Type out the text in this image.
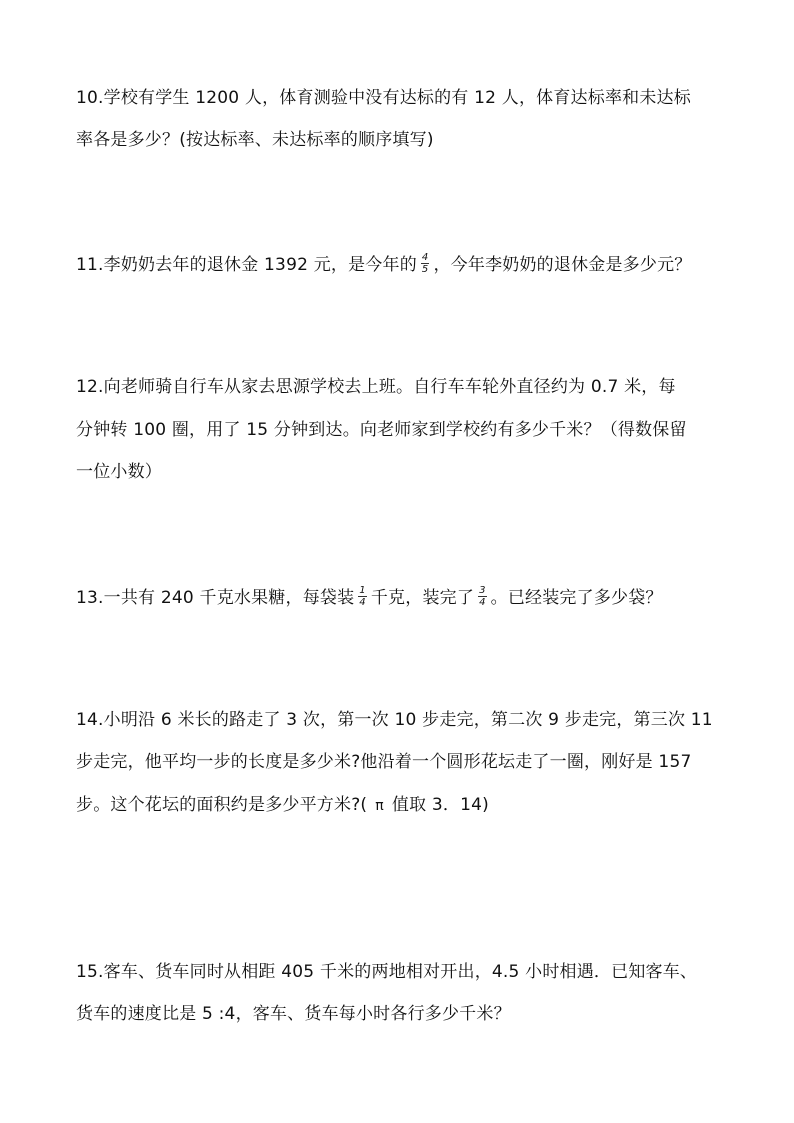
10.学校有学生 1200 人，体育测验中没有达标的有 12 人，体育达标率和未达标
率各是多少？(按达标率、未达标率的顺序填写)
11.李奶奶去年的退休金 1392 元，是今年的 $\frac{4}{5}$ ，今年李奶奶的退休金是多少元？
12.向老师骑自行车从家去思源学校去上班。自行车车轮外直径约为 0.7 米，每
分钟转 100 圈，用了 15 分钟到达。向老师家到学校约有多少千米？（得数保留
一位小数）
13.一共有 240 千克水果糖，每袋装 $\frac{1}{4}$ 千克，装完了 $\frac{3}{4}$ 。已经装完了多少袋？
14.小明沿 6 米长的路走了 3 次，第一次 10 步走完，第二次 9 步走完，第三次 11
步走完，他平均一步的长度是多少米?他沿着一个圆形花坛走了一圈，刚好是 157
步。这个花坛的面积约是多少平方米?( π 值取 3．14)
15.客车、货车同时从相距 405 千米的两地相对开出，4.5 小时相遇．已知客车、
货车的速度比是 5 :4，客车、货车每小时各行多少千米？
